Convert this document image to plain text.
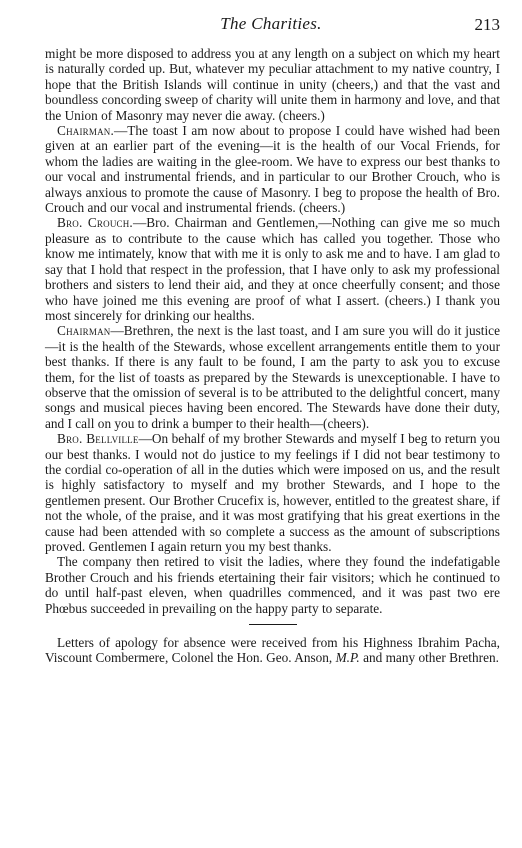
The Charities.	213

might be more disposed to address you at any length on a subject on which my heart is naturally corded up. But, whatever my peculiar attachment to my native country, I hope that the British Islands will continue in unity (cheers,) and that the vast and boundless concording sweep of charity will unite them in harmony and love, and that the Union of Masonry may never die away. (cheers.)

Chairman.—The toast I am now about to propose I could have wished had been given at an earlier part of the evening—it is the health of our Vocal Friends, for whom the ladies are waiting in the glee-room. We have to express our best thanks to our vocal and instrumental friends, and in particular to our Brother Crouch, who is always anxious to promote the cause of Masonry. I beg to propose the health of Bro. Crouch and our vocal and instrumental friends. (cheers.)

Bro. Crouch.—Bro. Chairman and Gentlemen,—Nothing can give me so much pleasure as to contribute to the cause which has called you together. Those who know me intimately, know that with me it is only to ask me and to have. I am glad to say that I hold that respect in the profession, that I have only to ask my professional brothers and sisters to lend their aid, and they at once cheerfully consent; and those who have joined me this evening are proof of what I assert. (cheers.) I thank you most sincerely for drinking our healths.

Chairman—Brethren, the next is the last toast, and I am sure you will do it justice—it is the health of the Stewards, whose excellent arrangements entitle them to your best thanks. If there is any fault to be found, I am the party to ask you to excuse them, for the list of toasts as prepared by the Stewards is unexceptionable. I have to observe that the omission of several is to be attributed to the delightful concert, many songs and musical pieces having been encored. The Stewards have done their duty, and I call on you to drink a bumper to their health—(cheers).

Bro. Bellville—On behalf of my brother Stewards and myself I beg to return you our best thanks. I would not do justice to my feelings if I did not bear testimony to the cordial co-operation of all in the duties which were imposed on us, and the result is highly satisfactory to myself and my brother Stewards, and I hope to the gentlemen present. Our Brother Crucefix is, however, entitled to the greatest share, if not the whole, of the praise, and it was most gratifying that his great exertions in the cause had been attended with so complete a success as the amount of subscriptions proved. Gentlemen I again return you my best thanks.

The company then retired to visit the ladies, where they found the indefatigable Brother Crouch and his friends etertaining their fair visitors; which he continued to do until half-past eleven, when quadrilles commenced, and it was past two ere Phœbus succeeded in prevailing on the happy party to separate.

Letters of apology for absence were received from his Highness Ibrahim Pacha, Viscount Combermere, Colonel the Hon. Geo. Anson, M.P. and many other Brethren.
